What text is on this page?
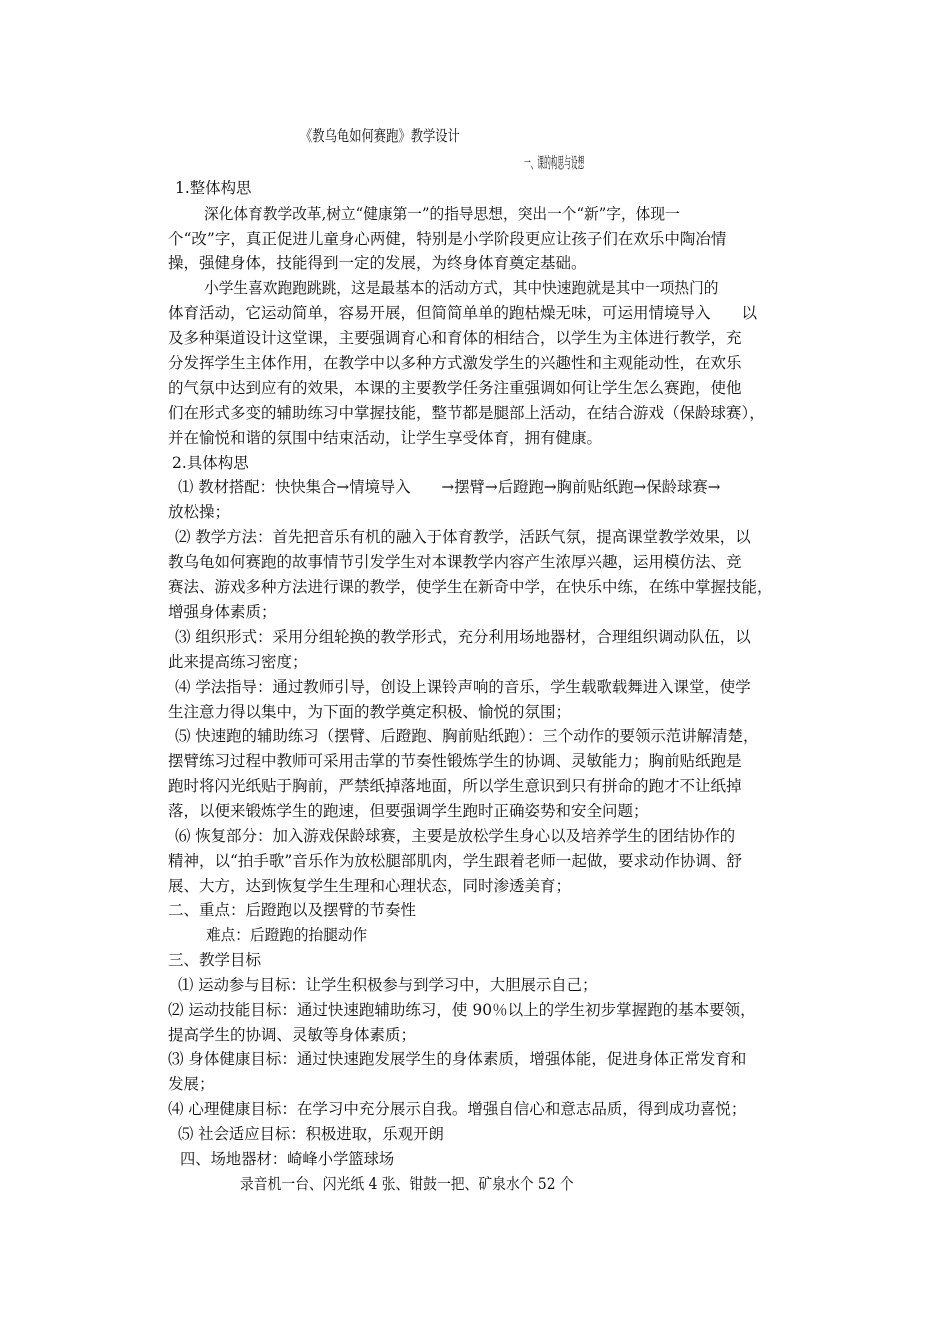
《教乌龟如何赛跑》教学设计
一、课的构思与设想
1.整体构思
深化体育教学改革,树立“健康第一”的指导思想，突出一个“新”字，体现一
个“改”字，真正促进儿童身心两健，特别是小学阶段更应让孩子们在欢乐中陶冶情
操，强健身体，技能得到一定的发展，为终身体育奠定基础。
小学生喜欢跑跑跳跳，这是最基本的活动方式，其中快速跑就是其中一项热门的
体育活动，它运动简单，容易开展，但简简单单的跑枯燥无味，可运用情境导入　　以
及多种渠道设计这堂课，主要强调育心和育体的相结合，以学生为主体进行教学，充
分发挥学生主体作用，在教学中以多种方式激发学生的兴趣性和主观能动性，在欢乐
的气氛中达到应有的效果，本课的主要教学任务注重强调如何让学生怎么赛跑，使他
们在形式多变的辅助练习中掌握技能，整节都是腿部上活动，在结合游戏（保龄球赛），
并在愉悦和谐的氛围中结束活动，让学生享受体育，拥有健康。
2.具体构思
⑴ 教材搭配：快快集合→情境导入　　→摆臂→后蹬跑→胸前贴纸跑→保龄球赛→
放松操；
⑵ 教学方法：首先把音乐有机的融入于体育教学，活跃气氛，提高课堂教学效果，以
教乌龟如何赛跑的故事情节引发学生对本课教学内容产生浓厚兴趣，运用模仿法、竞
赛法、游戏多种方法进行课的教学，使学生在新奇中学，在快乐中练，在练中掌握技能，
增强身体素质；
⑶ 组织形式：采用分组轮换的教学形式，充分利用场地器材，合理组织调动队伍，以
此来提高练习密度；
⑷ 学法指导：通过教师引导，创设上课铃声响的音乐，学生载歌载舞进入课堂，使学
生注意力得以集中，为下面的教学奠定积极、愉悦的氛围；
⑸ 快速跑的辅助练习（摆臂、后蹬跑、胸前贴纸跑）：三个动作的要领示范讲解清楚，
摆臂练习过程中教师可采用击掌的节奏性锻炼学生的协调、灵敏能力；胸前贴纸跑是
跑时将闪光纸贴于胸前，严禁纸掉落地面，所以学生意识到只有拼命的跑才不让纸掉
落，以便来锻炼学生的跑速，但要强调学生跑时正确姿势和安全问题；
⑹ 恢复部分：加入游戏保龄球赛，主要是放松学生身心以及培养学生的团结协作的
精神，以“拍手歌”音乐作为放松腿部肌肉，学生跟着老师一起做，要求动作协调、舒
展、大方，达到恢复学生生理和心理状态，同时渗透美育；
二、重点：后蹬跑以及摆臂的节奏性
难点：后蹬跑的抬腿动作
三、教学目标
⑴ 运动参与目标：让学生积极参与到学习中，大胆展示自己；
⑵ 运动技能目标：通过快速跑辅助练习，使 90％以上的学生初步掌握跑的基本要领，
提高学生的协调、灵敏等身体素质；
⑶ 身体健康目标：通过快速跑发展学生的身体素质，增强体能，促进身体正常发育和
发展；
⑷ 心理健康目标：在学习中充分展示自我。增强自信心和意志品质，得到成功喜悦；
⑸ 社会适应目标：积极进取，乐观开朗
四、场地器材：崎峰小学篮球场
录音机一台、闪光纸 4 张、钳鼓一把、矿泉水个 52 个
